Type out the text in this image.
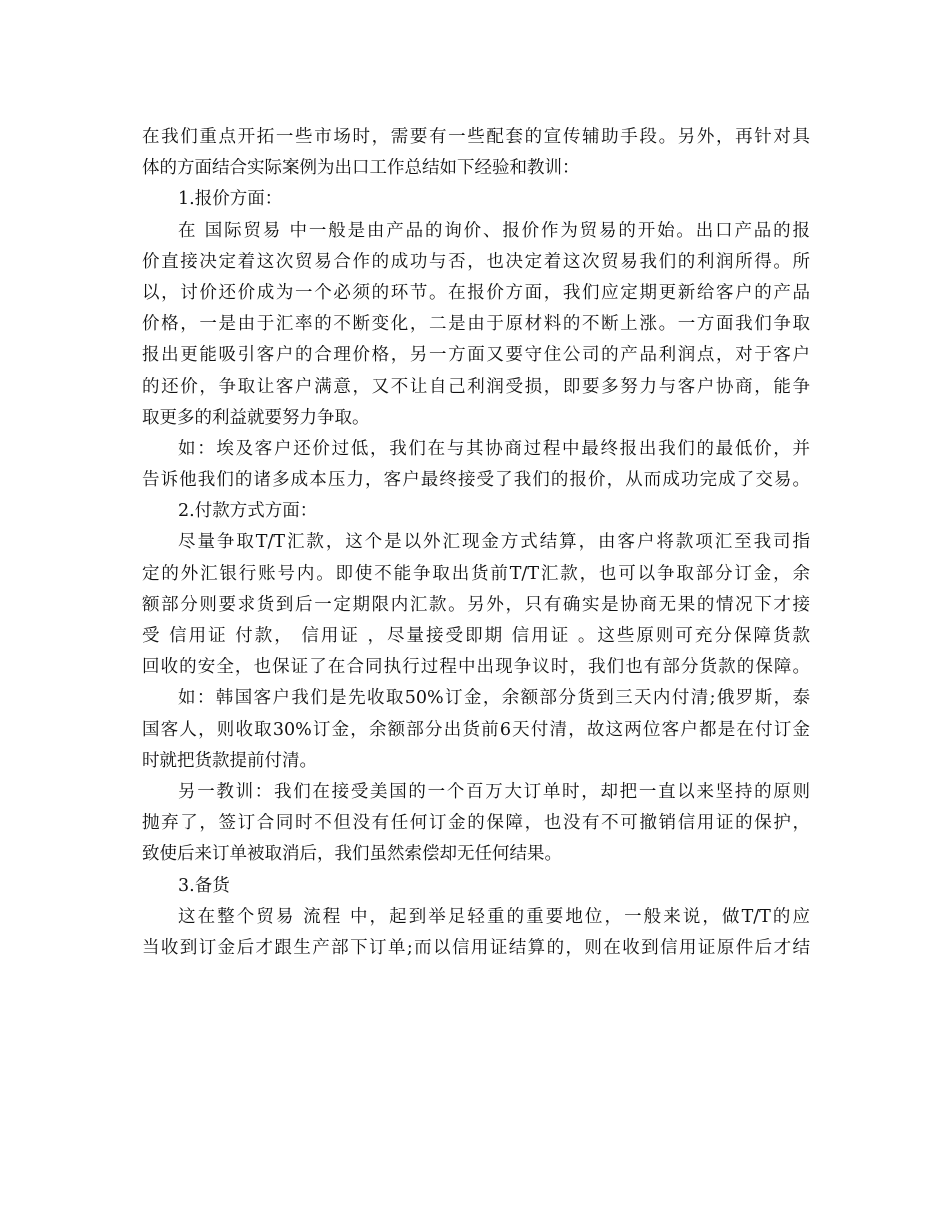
在我们重点开拓一些市场时，需要有一些配套的宣传辅助手段。另外，再针对具
体的方面结合实际案例为出口工作总结如下经验和教训：
1.报价方面：
在 国际贸易 中一般是由产品的询价、报价作为贸易的开始。出口产品的报
价直接决定着这次贸易合作的成功与否，也决定着这次贸易我们的利润所得。所
以，讨价还价成为一个必须的环节。在报价方面，我们应定期更新给客户的产品
价格，一是由于汇率的不断变化，二是由于原材料的不断上涨。一方面我们争取
报出更能吸引客户的合理价格，另一方面又要守住公司的产品利润点，对于客户
的还价，争取让客户满意，又不让自己利润受损，即要多努力与客户协商，能争
取更多的利益就要努力争取。
如：埃及客户还价过低，我们在与其协商过程中最终报出我们的最低价，并
告诉他我们的诸多成本压力，客户最终接受了我们的报价，从而成功完成了交易。
2.付款方式方面：
尽量争取T/T汇款，这个是以外汇现金方式结算，由客户将款项汇至我司指
定的外汇银行账号内。即使不能争取出货前T/T汇款，也可以争取部分订金，余
额部分则要求货到后一定期限内汇款。另外，只有确实是协商无果的情况下才接
受 信用证 付款， 信用证 ，尽量接受即期 信用证 。这些原则可充分保障货款
回收的安全，也保证了在合同执行过程中出现争议时，我们也有部分货款的保障。
如：韩国客户我们是先收取50%订金，余额部分货到三天内付清;俄罗斯，泰
国客人，则收取30%订金，余额部分出货前6天付清，故这两位客户都是在付订金
时就把货款提前付清。
另一教训：我们在接受美国的一个百万大订单时，却把一直以来坚持的原则
抛弃了，签订合同时不但没有任何订金的保障，也没有不可撤销信用证的保护，
致使后来订单被取消后，我们虽然索偿却无任何结果。
3.备货
这在整个贸易 流程 中，起到举足轻重的重要地位，一般来说，做T/T的应
当收到订金后才跟生产部下订单;而以信用证结算的，则在收到信用证原件后才结
